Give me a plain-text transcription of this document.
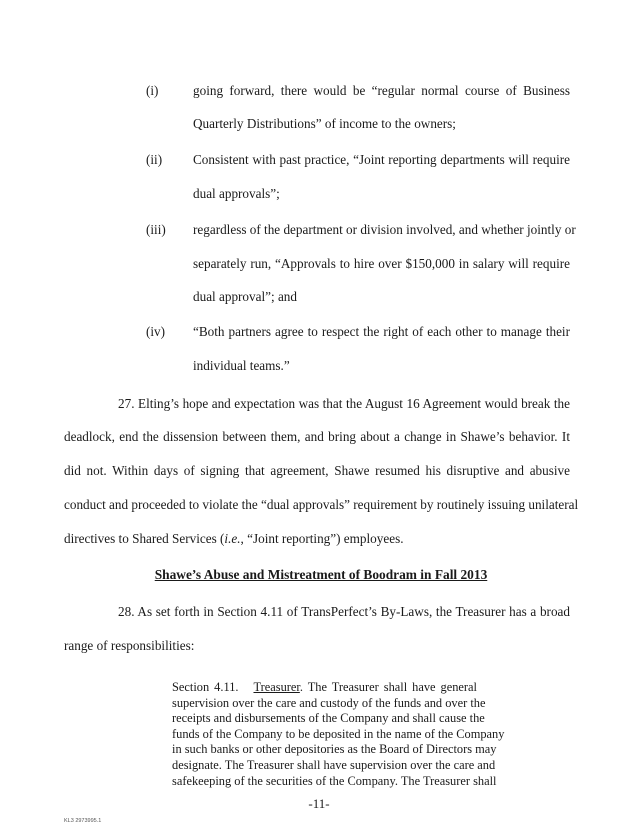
(i)	going forward, there would be “regular normal course of Business
Quarterly Distributions” of income to the owners;
(ii) Consistent with past practice, “Joint reporting departments will require
dual approvals”;
(iii) regardless of the department or division involved, and whether jointly or
separately run, “Approvals to hire over $150,000 in salary will require
dual approval”; and
(iv) “Both partners agree to respect the right of each other to manage their
individual teams.”
27. Elting’s hope and expectation was that the August 16 Agreement would break the
deadlock, end the dissension between them, and bring about a change in Shawe’s behavior. It
did not. Within days of signing that agreement, Shawe resumed his disruptive and abusive
conduct and proceeded to violate the “dual approvals” requirement by routinely issuing unilateral
directives to Shared Services (i.e., “Joint reporting”) employees.
Shawe’s Abuse and Mistreatment of Boodram in Fall 2013
28. As set forth in Section 4.11 of TransPerfect’s By-Laws, the Treasurer has a broad
range of responsibilities:
Section 4.11. Treasurer. The Treasurer shall have general
supervision over the care and custody of the funds and over the
receipts and disbursements of the Company and shall cause the
funds of the Company to be deposited in the name of the Company
in such banks or other depositories as the Board of Directors may
designate. The Treasurer shall have supervision over the care and
safekeeping of the securities of the Company. The Treasurer shall
-11-
KL3 2973995.1
